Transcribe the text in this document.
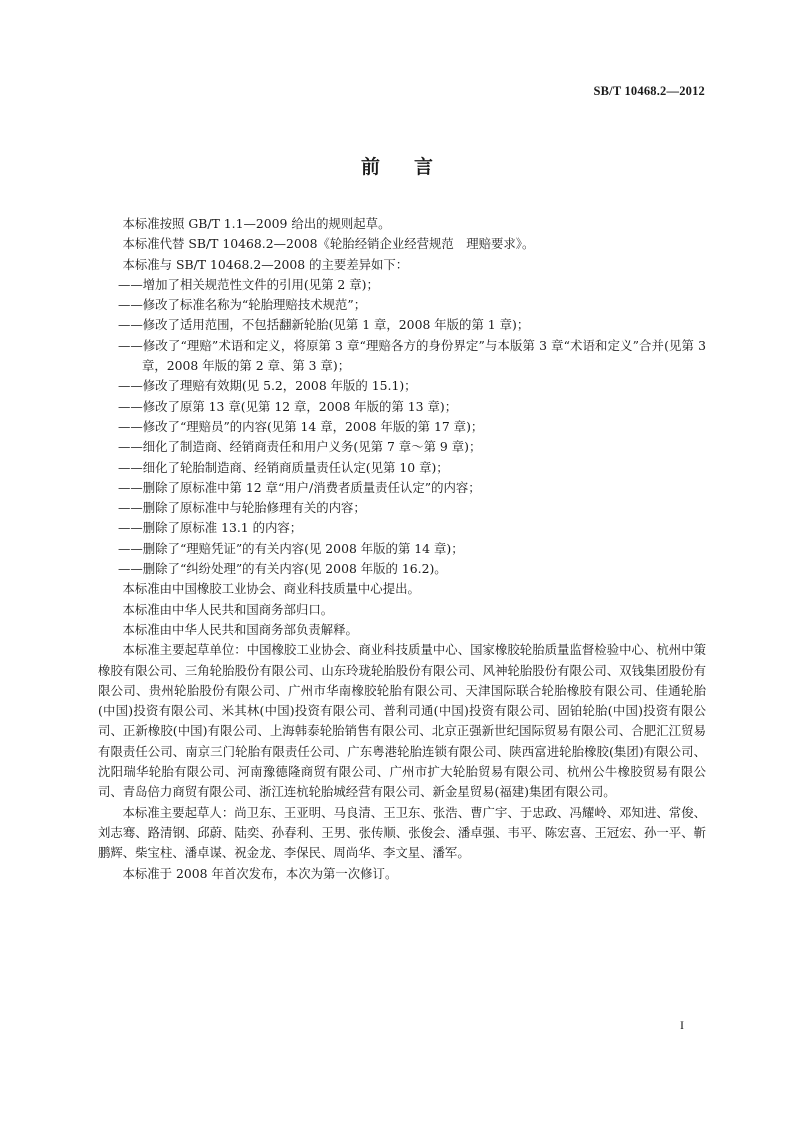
SB/T 10468.2—2012
前言

本标准按照 GB/T 1.1—2009 给出的规则起草。

本标准代替 SB/T 10468.2—2008《轮胎经销企业经营规范　理赔要求》。

本标准与 SB/T 10468.2—2008 的主要差异如下：

——增加了相关规范性文件的引用(见第 2 章)；

——修改了标准名称为“轮胎理赔技术规范”；

——修改了适用范围，不包括翻新轮胎(见第 1 章，2008 年版的第 1 章)；

——修改了“理赔”术语和定义，将原第 3 章“理赔各方的身份界定”与本版第 3 章“术语和定义”合并(见第 3 章，2008 年版的第 2 章、第 3 章)；

——修改了理赔有效期(见 5.2，2008 年版的 15.1)；

——修改了原第 13 章(见第 12 章，2008 年版的第 13 章)；

——修改了“理赔员”的内容(见第 14 章，2008 年版的第 17 章)；

——细化了制造商、经销商责任和用户义务(见第 7 章～第 9 章)；

——细化了轮胎制造商、经销商质量责任认定(见第 10 章)；

——删除了原标准中第 12 章“用户/消费者质量责任认定”的内容；

——删除了原标准中与轮胎修理有关的内容；

——删除了原标准 13.1 的内容；

——删除了“理赔凭证”的有关内容(见 2008 年版的第 14 章)；

——删除了“纠纷处理”的有关内容(见 2008 年版的 16.2)。

本标准由中国橡胶工业协会、商业科技质量中心提出。

本标准由中华人民共和国商务部归口。

本标准由中华人民共和国商务部负责解释。

本标准主要起草单位：中国橡胶工业协会、商业科技质量中心、国家橡胶轮胎质量监督检验中心、杭州中策橡胶有限公司、三角轮胎股份有限公司、山东玲珑轮胎股份有限公司、风神轮胎股份有限公司、双钱集团股份有限公司、贵州轮胎股份有限公司、广州市华南橡胶轮胎有限公司、天津国际联合轮胎橡胶有限公司、佳通轮胎(中国)投资有限公司、米其林(中国)投资有限公司、普利司通(中国)投资有限公司、固铂轮胎(中国)投资有限公司、正新橡胶(中国)有限公司、上海韩泰轮胎销售有限公司、北京正强新世纪国际贸易有限公司、合肥汇江贸易有限责任公司、南京三门轮胎有限责任公司、广东粤港轮胎连锁有限公司、陕西富进轮胎橡胶(集团)有限公司、沈阳瑞华轮胎有限公司、河南豫德隆商贸有限公司、广州市扩大轮胎贸易有限公司、杭州公牛橡胶贸易有限公司、青岛倍力商贸有限公司、浙江连杭轮胎城经营有限公司、新金星贸易(福建)集团有限公司。

本标准主要起草人：尚卫东、王亚明、马良清、王卫东、张浩、曹广宇、于忠政、冯耀岭、邓知进、常俊、刘志骞、路清钢、邱蔚、陆奕、孙春利、王男、张传顺、张俊会、潘卓强、韦平、陈宏喜、王冠宏、孙一平、靳鹏辉、柴宝柱、潘卓谋、祝金龙、李保民、周尚华、李文星、潘军。

本标准于 2008 年首次发布，本次为第一次修订。

I
